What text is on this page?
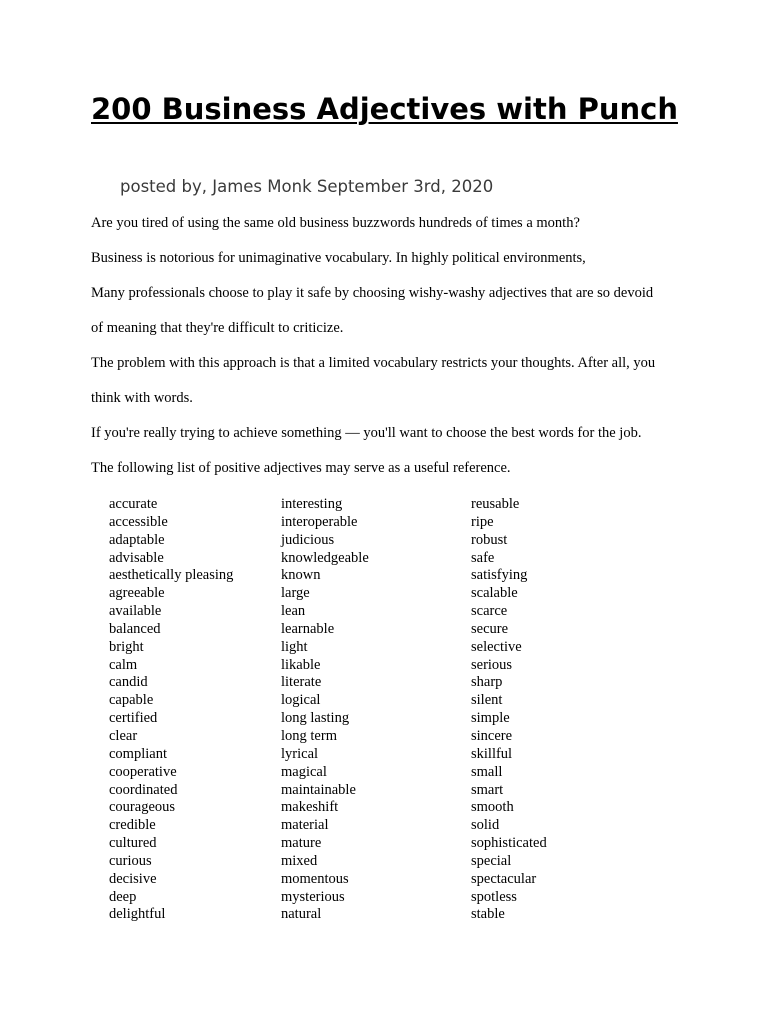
200 Business Adjectives with Punch

posted by, James Monk September 3rd, 2020

Are you tired of using the same old business buzzwords hundreds of times a month?

Business is notorious for unimaginative vocabulary. In highly political environments,

Many professionals choose to play it safe by choosing wishy-washy adjectives that are so devoid

of meaning that they're difficult to criticize.

The problem with this approach is that a limited vocabulary restricts your thoughts. After all, you

think with words.

If you're really trying to achieve something — you'll want to choose the best words for the job.

The following list of positive adjectives may serve as a useful reference.

accurate
accessible
adaptable
advisable
aesthetically pleasing
agreeable
available
balanced
bright
calm
candid
capable
certified
clear
compliant
cooperative
coordinated
courageous
credible
cultured
curious
decisive
deep
delightful
interesting
interoperable
judicious
knowledgeable
known
large
lean
learnable
light
likable
literate
logical
long lasting
long term
lyrical
magical
maintainable
makeshift
material
mature
mixed
momentous
mysterious
natural
reusable
ripe
robust
safe
satisfying
scalable
scarce
secure
selective
serious
sharp
silent
simple
sincere
skillful
small
smart
smooth
solid
sophisticated
special
spectacular
spotless
stable
